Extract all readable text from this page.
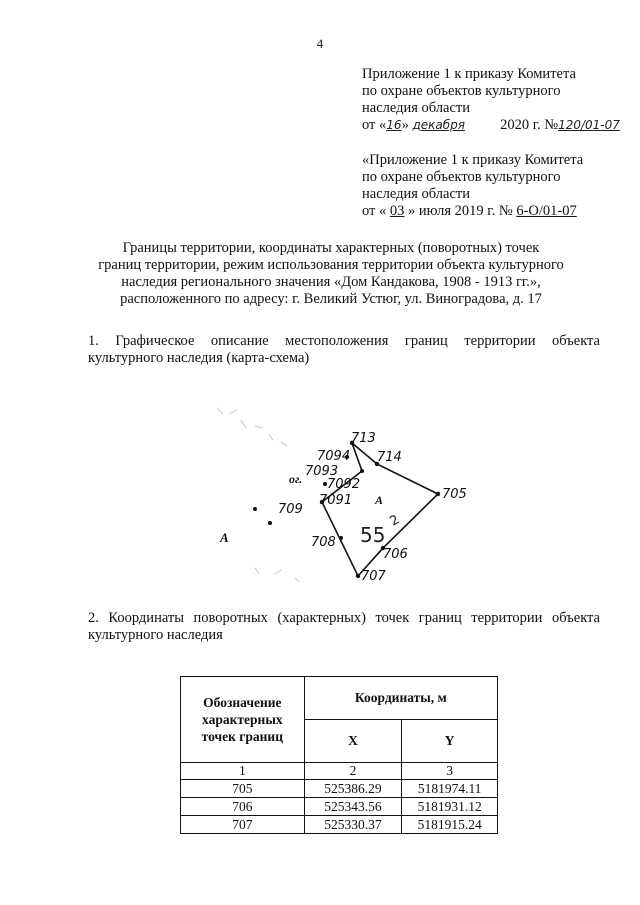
4
Приложение 1 к приказу Комитета
по охране объектов культурного
наследия области
от «16» декабря 2020 г. №120/01-07
«Приложение 1 к приказу Комитета
по охране объектов культурного
наследия области
от « 03 » июля 2019 г. № 6-О/01-07
Границы территории, координаты характерных (поворотных) точек
границ территории, режим использования территории объекта культурного
наследия регионального значения «Дом Кандакова, 1908 - 1913 гг.»,
расположенного по адресу: г. Великий Устюг, ул. Виноградова, д. 17
1. Графическое описание местоположения границ территории объекта культурного наследия (карта-схема)
713
714
7094
7093
7092
7091
709
705
708
706
707
ог.
А
А	55
2
2. Координаты поворотных (характерных) точек границ территории объекта культурного наследия
Обозначение характерных точек границ	Координаты, м	
	X	Y
1	2	3
705	525386.29	5181974.11
706	525343.56	5181931.12
707	525330.37	5181915.24
